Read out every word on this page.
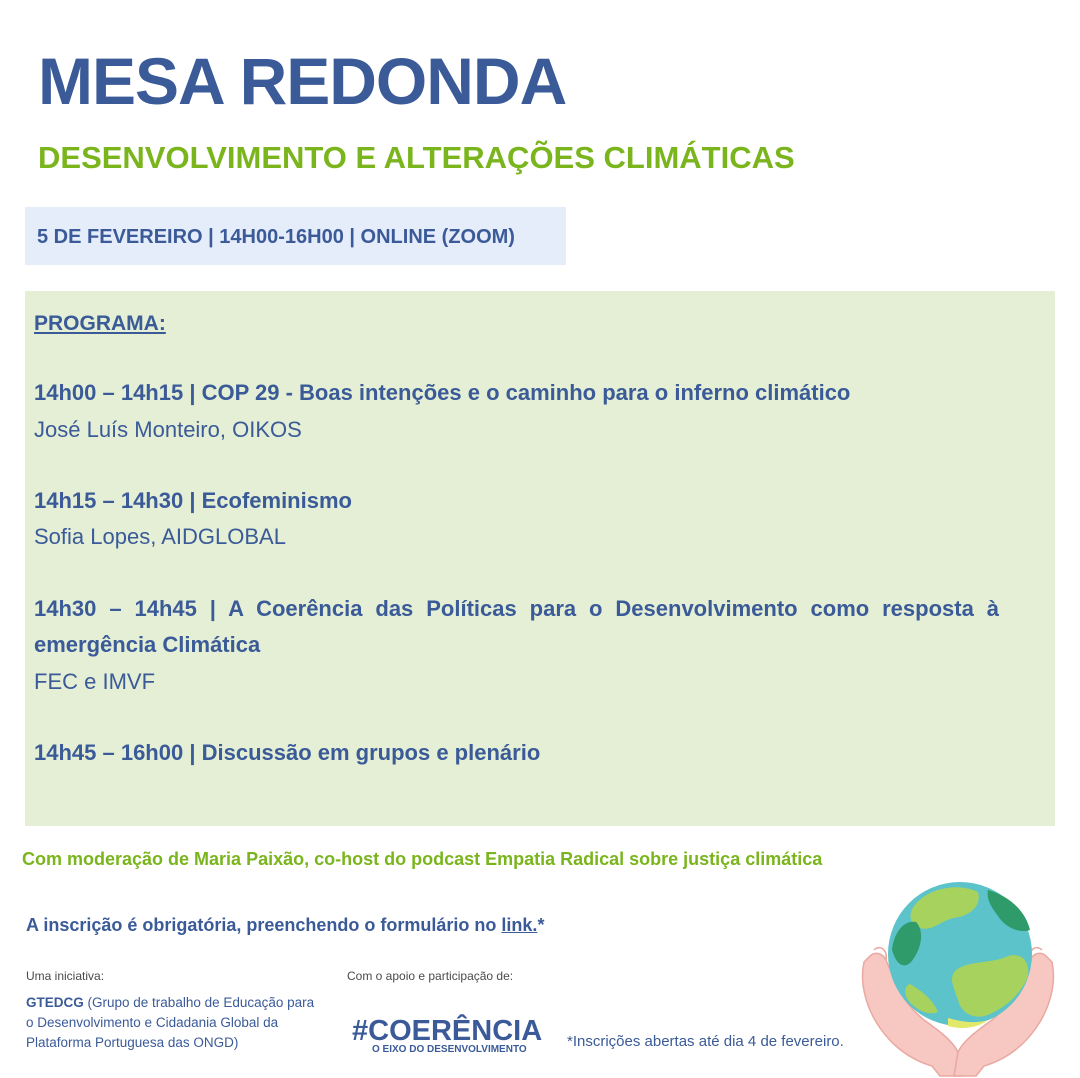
MESA REDONDA
DESENVOLVIMENTO E ALTERAÇÕES CLIMÁTICAS
5 DE FEVEREIRO | 14H00-16H00 | ONLINE (ZOOM)
PROGRAMA:
14h00 – 14h15 | COP 29 - Boas intenções e o caminho para o inferno climático
José Luís Monteiro, OIKOS
14h15 – 14h30 | Ecofeminismo
Sofia Lopes, AIDGLOBAL
14h30 – 14h45 | A Coerência das Políticas para o Desenvolvimento como resposta à emergência Climática
FEC e IMVF
14h45 – 16h00 | Discussão em grupos e plenário
Com moderação de Maria Paixão, co-host do podcast Empatia Radical sobre justiça climática
A inscrição é obrigatória, preenchendo o formulário no link.*
Uma iniciativa:
GTEDCG (Grupo de trabalho de Educação para o Desenvolvimento e Cidadania Global da Plataforma Portuguesa das ONGD)
Com o apoio e participação de:
#COERÊNCIA
O EIXO DO DESENVOLVIMENTO	*Inscrições abertas até dia 4 de fevereiro.
